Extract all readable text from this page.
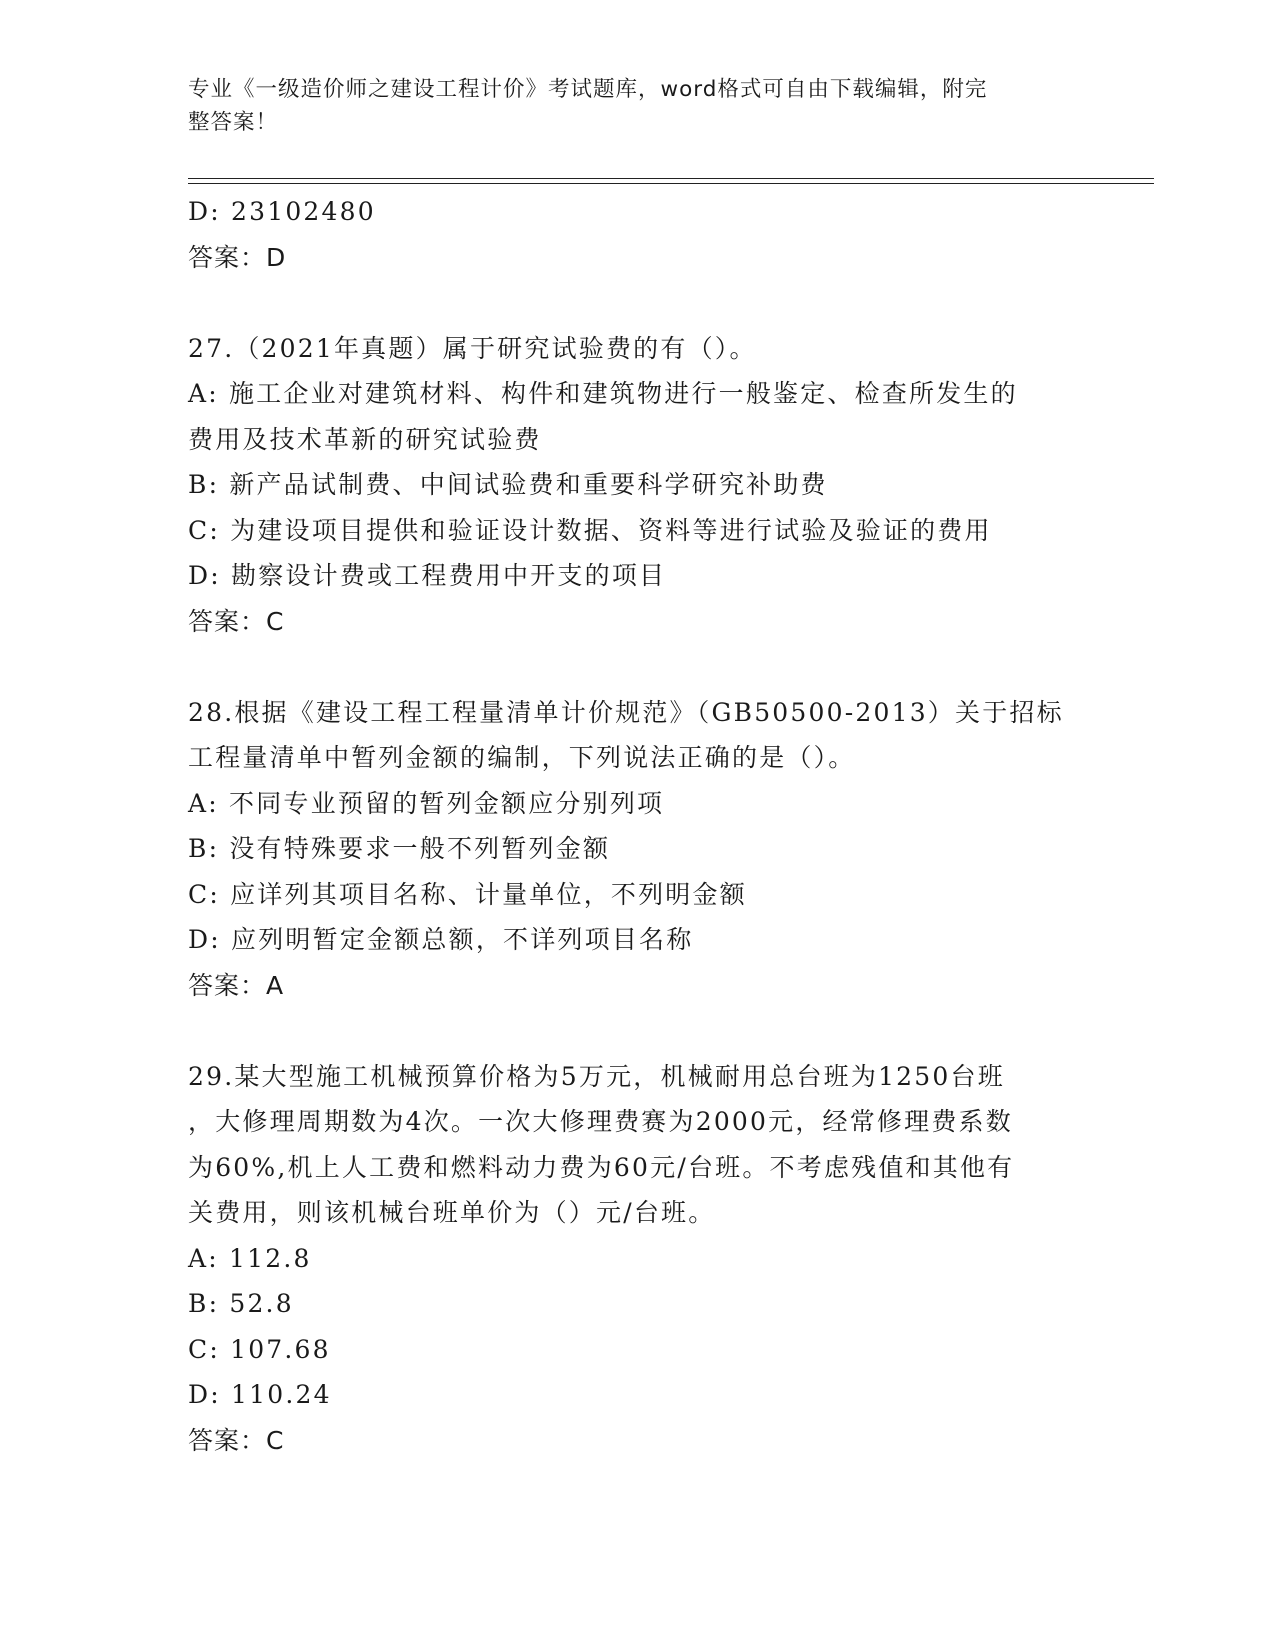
专业《一级造价师之建设工程计价》考试题库，word格式可自由下载编辑，附完
整答案！
D: 23102480
答案：D
27.（2021年真题）属于研究试验费的有（）。
A: 施工企业对建筑材料、构件和建筑物进行一般鉴定、检查所发生的
费用及技术革新的研究试验费
B: 新产品试制费、中间试验费和重要科学研究补助费
C: 为建设项目提供和验证设计数据、资料等进行试验及验证的费用
D: 勘察设计费或工程费用中开支的项目
答案：C
28.根据《建设工程工程量清单计价规范》（GB50500-2013）关于招标
工程量清单中暂列金额的编制，下列说法正确的是（）。
A: 不同专业预留的暂列金额应分别列项
B: 没有特殊要求一般不列暂列金额
C: 应详列其项目名称、计量单位，不列明金额
D: 应列明暂定金额总额，不详列项目名称
答案：A
29.某大型施工机械预算价格为5万元，机械耐用总台班为1250台班
，大修理周期数为4次。一次大修理费赛为2000元，经常修理费系数
为60%,机上人工费和燃料动力费为60元/台班。不考虑残值和其他有
关费用，则该机械台班单价为（）元/台班。
A: 112.8
B: 52.8
C: 107.68
D: 110.24
答案：C
